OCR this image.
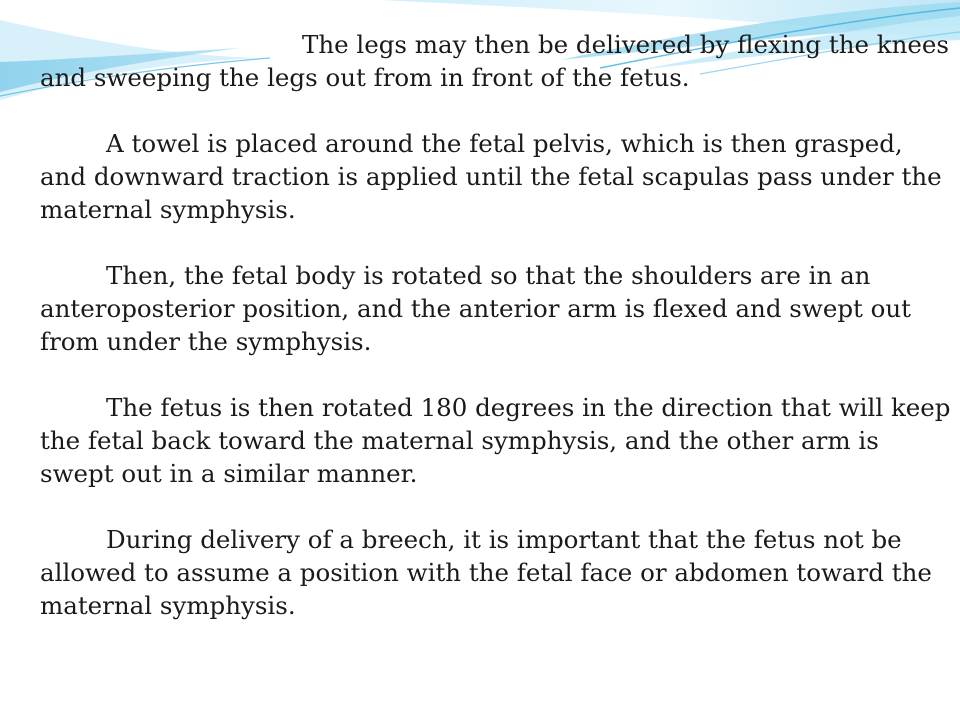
The legs may then be delivered by flexing the knees and sweeping the legs out from in front of the fetus.

A towel is placed around the fetal pelvis, which is then grasped, and downward traction is applied until the fetal scapulas pass under the maternal symphysis.

Then, the fetal body is rotated so that the shoulders are in an anteroposterior position, and the anterior arm is flexed and swept out from under the symphysis.

The fetus is then rotated 180 degrees in the direction that will keep the fetal back toward the maternal symphysis, and the other arm is swept out in a similar manner.

During delivery of a breech, it is important that the fetus not be allowed to assume a position with the fetal face or abdomen toward the maternal symphysis.
